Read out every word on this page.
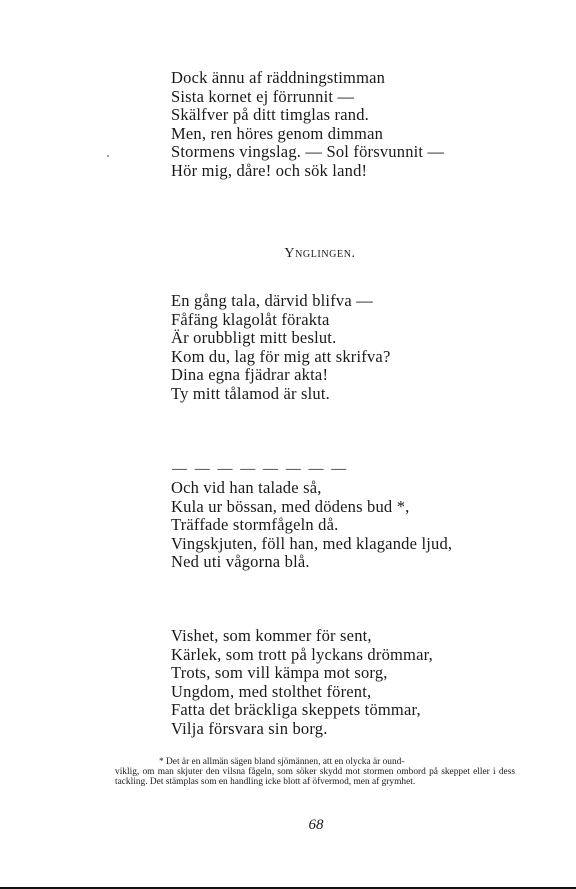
Dock ännu af räddningstimman
Sista kornet ej förrunnit —
Skälfver på ditt timglas rand.
Men, ren höres genom dimman
Stormens vingslag. — Sol försvunnit —
Hör mig, dåre! och sök land!
Ynglingen.
En gång tala, därvid blifva —
Fåfäng klagolåt förakta
Är orubbligt mitt beslut.
Kom du, lag för mig att skrifva?
Dina egna fjädrar akta!
Ty mitt tålamod är slut.
— — — — — — — —
Och vid han talade så,
Kula ur bössan, med dödens bud *,
Träffade stormfågeln då.
Vingskjuten, föll han, med klagande ljud,
Ned uti vågorna blå.
Vishet, som kommer för sent,
Kärlek, som trott på lyckans drömmar,
Trots, som vill kämpa mot sorg,
Ungdom, med stolthet förent,
Fatta det bräckliga skeppets tömmar,
Vilja försvara sin borg.
* Det är en allmän sägen bland sjömännen, att en olycka är ound-
viklig, om man skjuter den vilsna fågeln, som söker skydd mot stormen ombord på skeppet eller i dess tackling. Det stämplas som en handling icke blott af öfvermod, men af grymhet.
68
